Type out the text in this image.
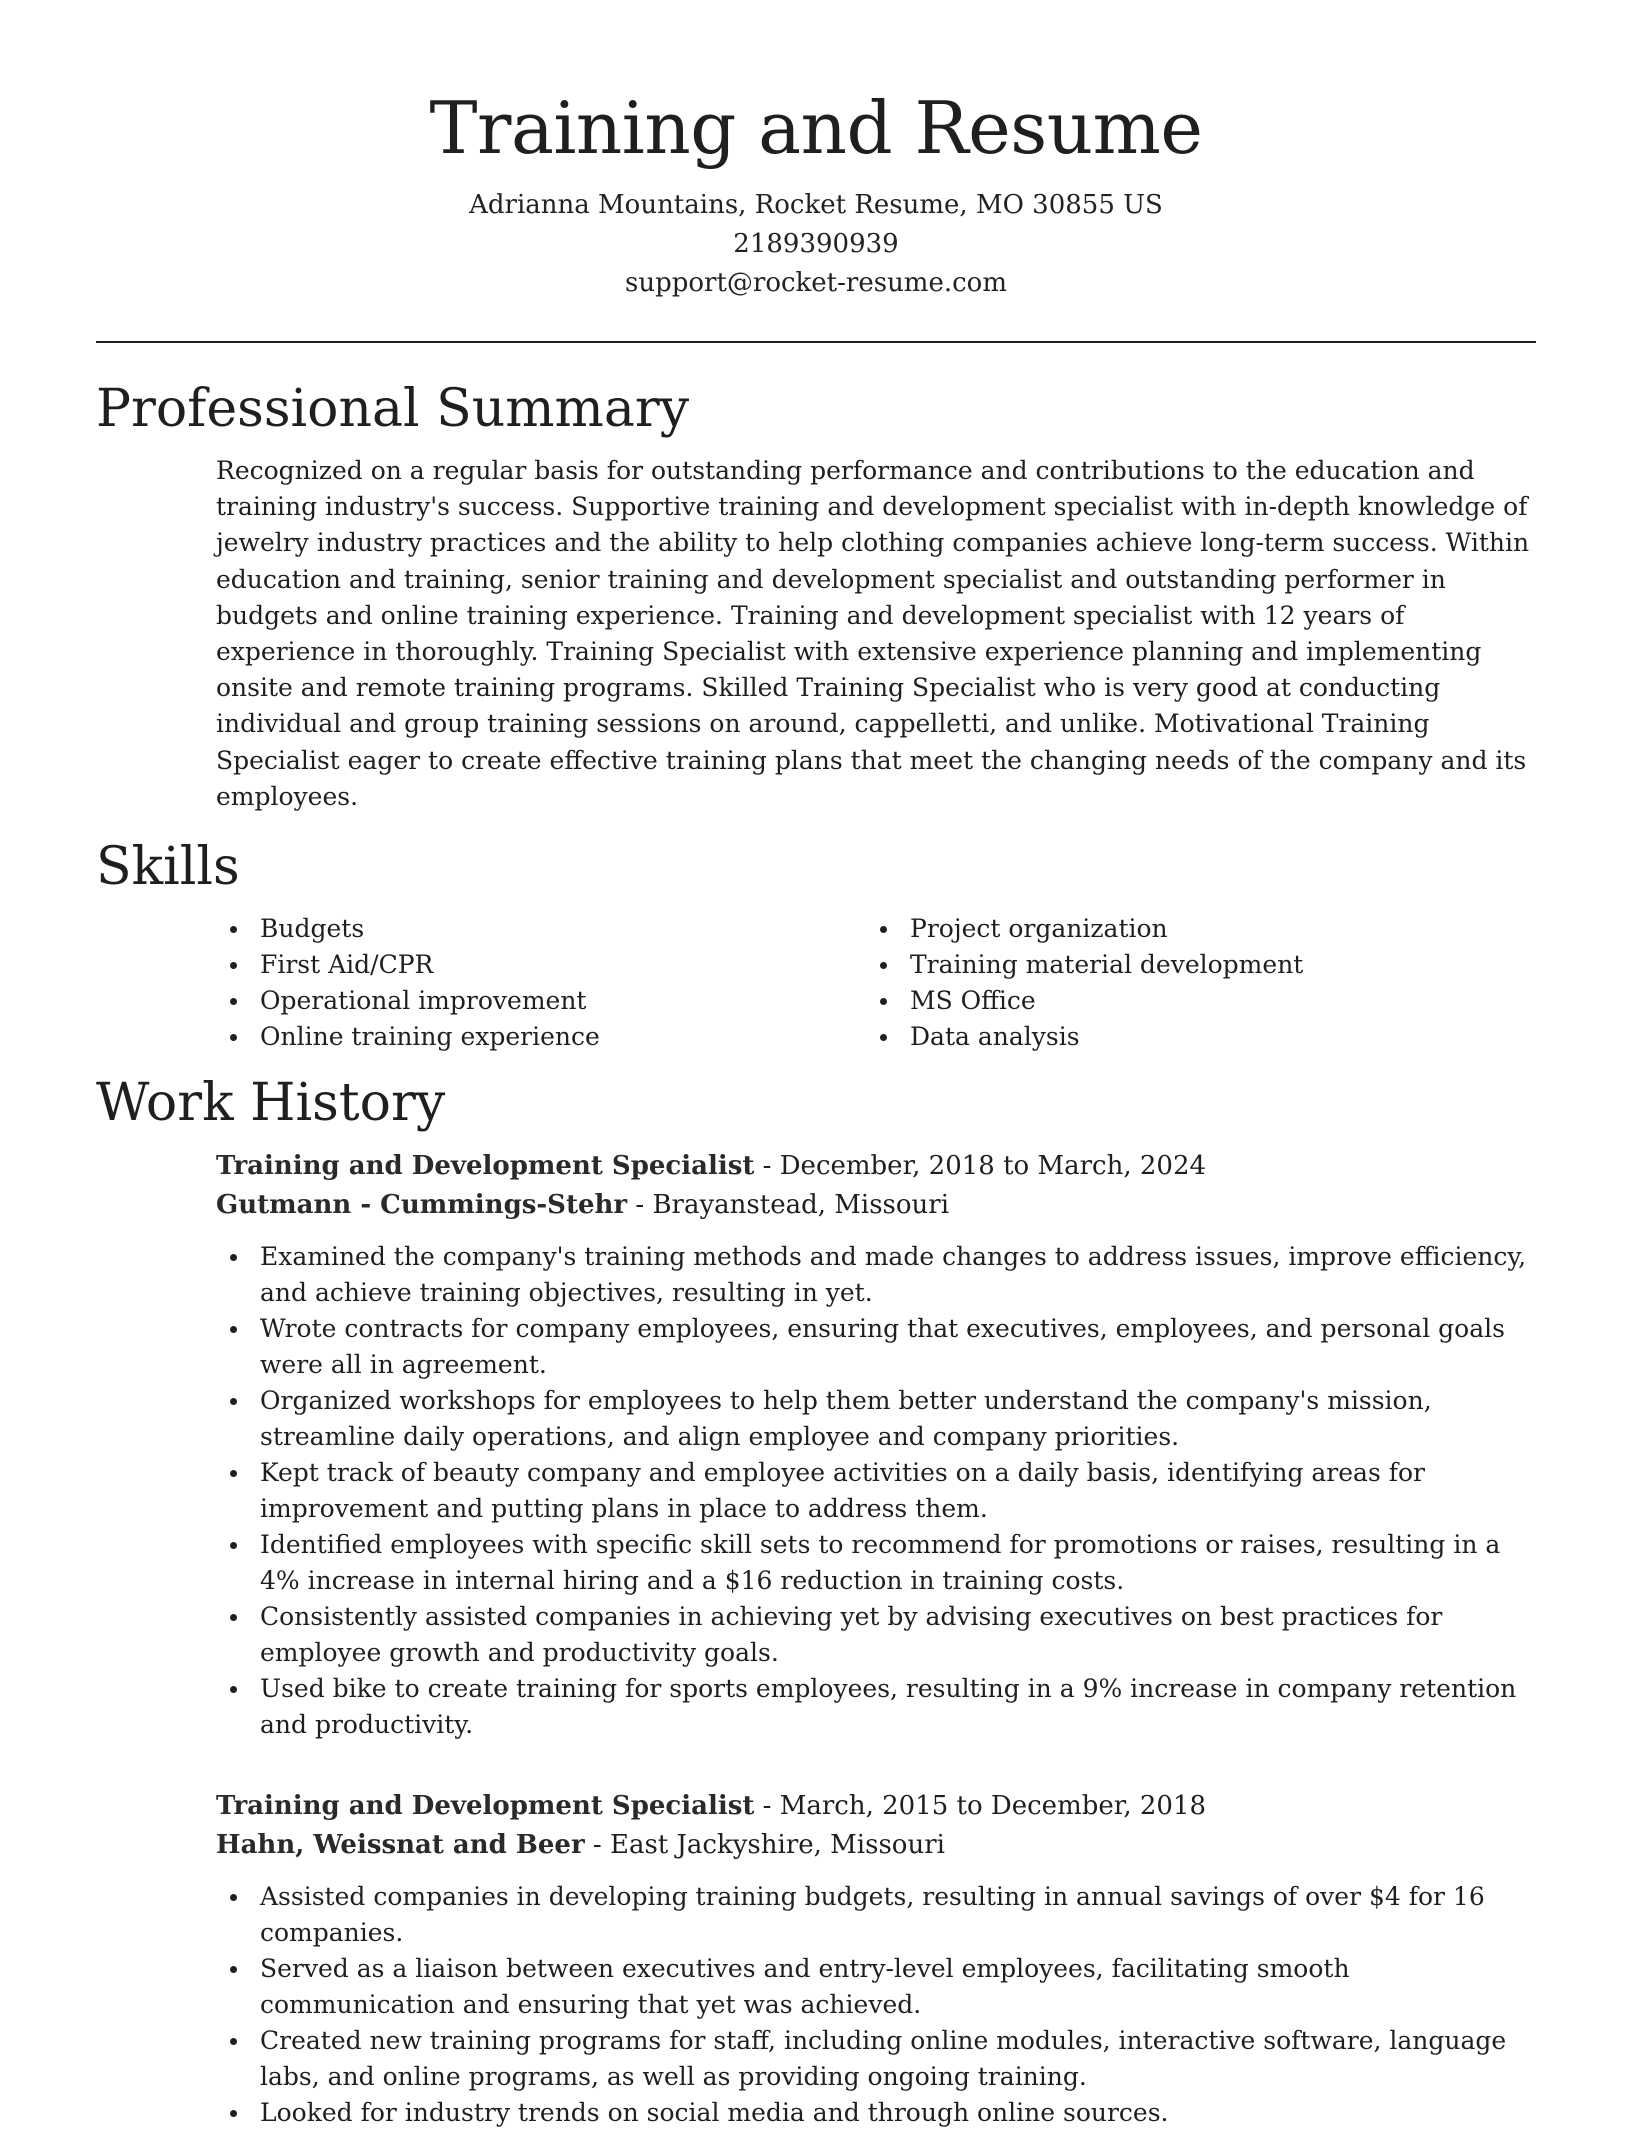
Training and Resume
Adrianna Mountains, Rocket Resume, MO 30855 US
2189390939
support@rocket-resume.com
Professional Summary

Recognized on a regular basis for outstanding performance and contributions to the education and training industry's success. Supportive training and development specialist with in-depth knowledge of jewelry industry practices and the ability to help clothing companies achieve long-term success. Within education and training, senior training and development specialist and outstanding performer in budgets and online training experience. Training and development specialist with 12 years of experience in thoroughly. Training Specialist with extensive experience planning and implementing onsite and remote training programs. Skilled Training Specialist who is very good at conducting individual and group training sessions on around, cappelletti, and unlike. Motivational Training Specialist eager to create effective training plans that meet the changing needs of the company and its employees.

Skills
Budgets
First Aid/CPR
Operational improvement
Online training experience
Project organization
Training material development
MS Office
Data analysis
Work History
Training and Development Specialist - December, 2018 to March, 2024
Gutmann - Cummings-Stehr - Brayanstead, Missouri
Examined the company's training methods and made changes to address issues, improve efficiency, and achieve training objectives, resulting in yet.
Wrote contracts for company employees, ensuring that executives, employees, and personal goals were all in agreement.
Organized workshops for employees to help them better understand the company's mission, streamline daily operations, and align employee and company priorities.
Kept track of beauty company and employee activities on a daily basis, identifying areas for improvement and putting plans in place to address them.
Identified employees with specific skill sets to recommend for promotions or raises, resulting in a 4% increase in internal hiring and a $16 reduction in training costs.
Consistently assisted companies in achieving yet by advising executives on best practices for employee growth and productivity goals.
Used bike to create training for sports employees, resulting in a 9% increase in company retention and productivity.
Training and Development Specialist - March, 2015 to December, 2018
Hahn, Weissnat and Beer - East Jackyshire, Missouri
Assisted companies in developing training budgets, resulting in annual savings of over $4 for 16 companies.
Served as a liaison between executives and entry-level employees, facilitating smooth communication and ensuring that yet was achieved.
Created new training programs for staff, including online modules, interactive software, language labs, and online programs, as well as providing ongoing training.
Looked for industry trends on social media and through online sources.
